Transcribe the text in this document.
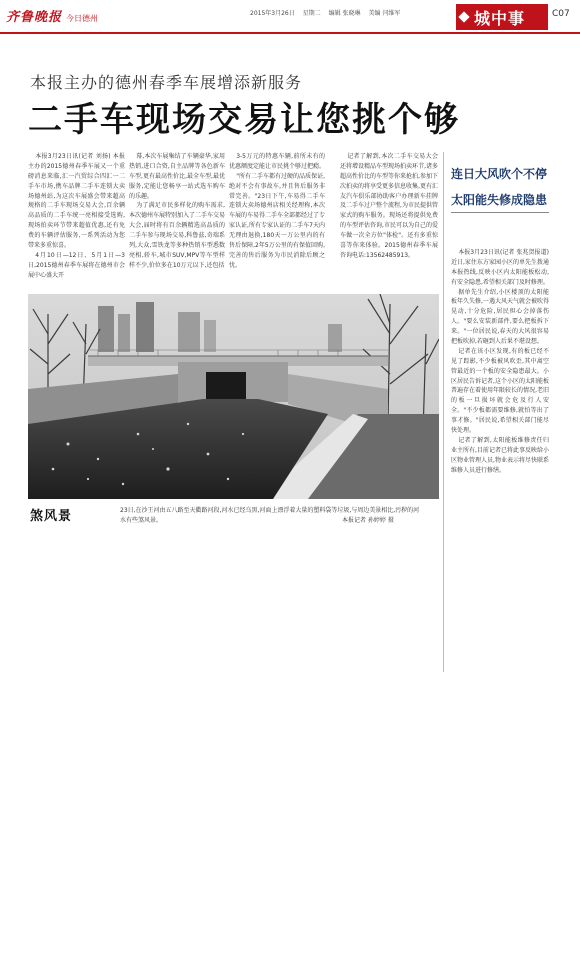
齐鲁晚报 今日德州
2015年3月26日 星期二 编辑 张晓琳 美编 闫维军	城中事	C07
本报主办的德州春季车展增添新服务
二手车现场交易让您挑个够

本报3月23日讯(记者 刘扬) 本报主办的2015德州春季车展又一个重磅消息来临,汇一汽贸综合四汇一二手车市场,携车品牌二手车连锁大卖场德州站,为这次车展盛会带来超高规格的二手车现场交易大会,百余辆高品质的二手车统一亮相接受选购,现场拍卖环节带来超值优惠,还有免费的车辆评估服务,一系列活动为您带来多重惊喜。

4月10日—12日、5月1日—3日,2015德州春季车展将在德州市会展中心盛大开

幕,本次车展集结了车辆豪华,家用热销,进口合资,自主品牌等各色新车车型,更有最高性价比,最全车型,最优服务,定能让您畅享一站式选车购车的乐趣。

为了满足市民多样化的购车需求,本次德州车展特别加入了二手车交易大会,届时将有百余辆精选高品质的二手车参与现场交易,科鲁兹,奇瑞系列,大众,雪铁龙等多种热销车型悉数亮相,轿车,城市SUV,MPV等车型样样不少,价位多在10万元以下,还包括

3-5万元的特惠车辆,前所未有的优惠额度定能让市民挑个够过把瘾。

"所有二手车都有过硬的品质保证,绝对不会有事故车,并且售后服务非常完善。"23日下午,车易得二手车连锁大卖场德州店相关经理称,本次车展的车易得二手车全部都经过了专家认证,所有专家认证的二手车7天内无理由退换,180天一万公里内的有售后保障,2年5万公里的有保值回购,完善的售后服务为市民消除后顾之忧。

记者了解到,本次二手车交易大会还将增设精品车型现场拍卖环节,诸多超高性价比的车型等你来抢拍,参加下次拍卖的将享受更多信息收集,更有汇友汽车俱乐部协助客户办理新车挂牌及二手车过户整个流程,为市民提供管家式的购车服务。现场还将提供免费的车型评估咨询,市民可以为自己的爱车做一次全方位"体检"。还有多重惊喜等你来体验。2015德州春季车展咨询电话:13562485913。

煞风景	23日,在沙王河由五八路至天衢路河段,河水已经乌黑,河面上漂浮着大量的塑料袋等垃圾,与周边美景相比,污秽的河水有些煞风景。	本报记者 孙婷婷 摄
连日大风吹个不停
太阳能失修成隐患

本报3月23日讯(记者 张兆贺报道) 近日,家住东方家园小区的单先生拨通本报热线,反映小区内太阳能板松动,有安全隐患,希望相关部门及时修理。

据单先生介绍,小区楼顶的太阳能板年久失修,一遇大风天气就会被吹得晃动,十分危险,居民担心会掉落伤人。"要么安装新部件,要么把板拆下来。"一位居民说,春天的大风很容易把板吹掉,若砸到人后果不堪设想。

记者在该小区发现,有的板已经不见了踪影,不少板被风吹歪,其中离空管最近的一个板的安全隐患最大。小区居民告诉记者,这个小区的太阳能板普遍存在着使用年限较长的情况,老旧的板一旦损坏就会危及行人安全。"不少板都需要维修,就怕等出了事才修。"居民说,希望相关部门能尽快处理。

记者了解到,太阳能板维修责任归业主所有,目前记者已将此事反映给小区物业管理人员,物业表示将尽快联系维修人员进行修缮。
